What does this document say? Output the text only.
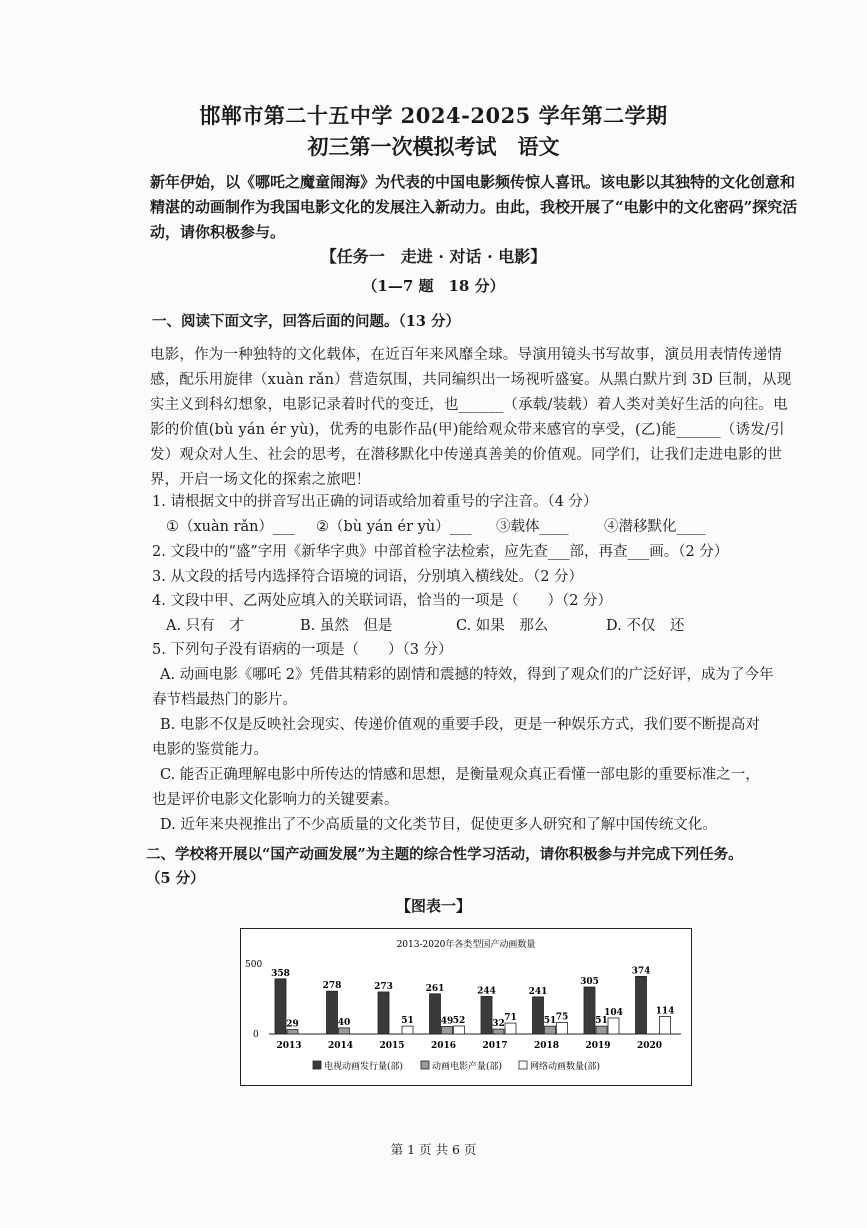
邯郸市第二十五中学 2024-2025 学年第二学期
初三第一次模拟考试　语文
新年伊始，以《哪吒之魔童闹海》为代表的中国电影频传惊人喜讯。该电影以其独特的文化创意和精湛的动画制作为我国电影文化的发展注入新动力。由此，我校开展了“电影中的文化密码”探究活动，请你积极参与。
【任务一　走进 · 对话 · 电影】
（1—7 题　18 分）
一、阅读下面文字，回答后面的问题。（13 分）
电影，作为一种独特的文化载体，在近百年来风靡全球。导演用镜头书写故事，演员用表情传递情感，配乐用旋律（xuàn rǎn）营造氛围，共同编织出一场视听盛宴。从黑白默片到 3D 巨制，从现实主义到科幻想象，电影记录着时代的变迁，也______（承载/装载）着人类对美好生活的向往。电影的价值(bù yán ér yù)，优秀的电影作品(甲)能给观众带来感官的享受，(乙)能______（诱发/引发）观众对人生、社会的思考，在潜移默化中传递真善美的价值观。同学们，让我们走进电影的世界，开启一场文化的探索之旅吧！
1. 请根据文中的拼音写出正确的词语或给加着重号的字注音。（4 分）
①（xuàn rǎn）___ ②（bù yán ér yù）___ ③载体____ ④潜移默化____
2. 文段中的“盛”字用《新华字典》中部首检字法检索，应先查___部，再查___画。（2 分）
3. 从文段的括号内选择符合语境的词语，分别填入横线处。（2 分）
4. 文段中甲、乙两处应填入的关联词语，恰当的一项是（　　）（2 分）
A. 只有　才	B. 虽然　但是	C. 如果　那么	D. 不仅　还
5. 下列句子没有语病的一项是（　　）（3 分）
A. 动画电影《哪吒 2》凭借其精彩的剧情和震撼的特效，得到了观众们的广泛好评，成为了今年
春节档最热门的影片。
B. 电影不仅是反映社会现实、传递价值观的重要手段，更是一种娱乐方式，我们要不断提高对
电影的鉴赏能力。
C. 能否正确理解电影中所传达的情感和思想，是衡量观众真正看懂一部电影的重要标准之一，
也是评价电影文化影响力的关键要素。
D. 近年来央视推出了不少高质量的文化类节目，促使更多人研究和了解中国传统文化。
二、学校将开展以“国产动画发展”为主题的综合性学习活动，请你积极参与并完成下列任务。
（5 分）
【图表一】
2013-2020年各类型国产动画数量
500
0
358
29
2013
278
40
2014
273
51
2015
261
49 52
2016
244
32
71
2017
241
51 75
2018
305
51
104
2019
374
114
2020
电视动画发行量(部)	动画电影产量(部)	网络动画数量(部)
第 1 页 共 6 页
